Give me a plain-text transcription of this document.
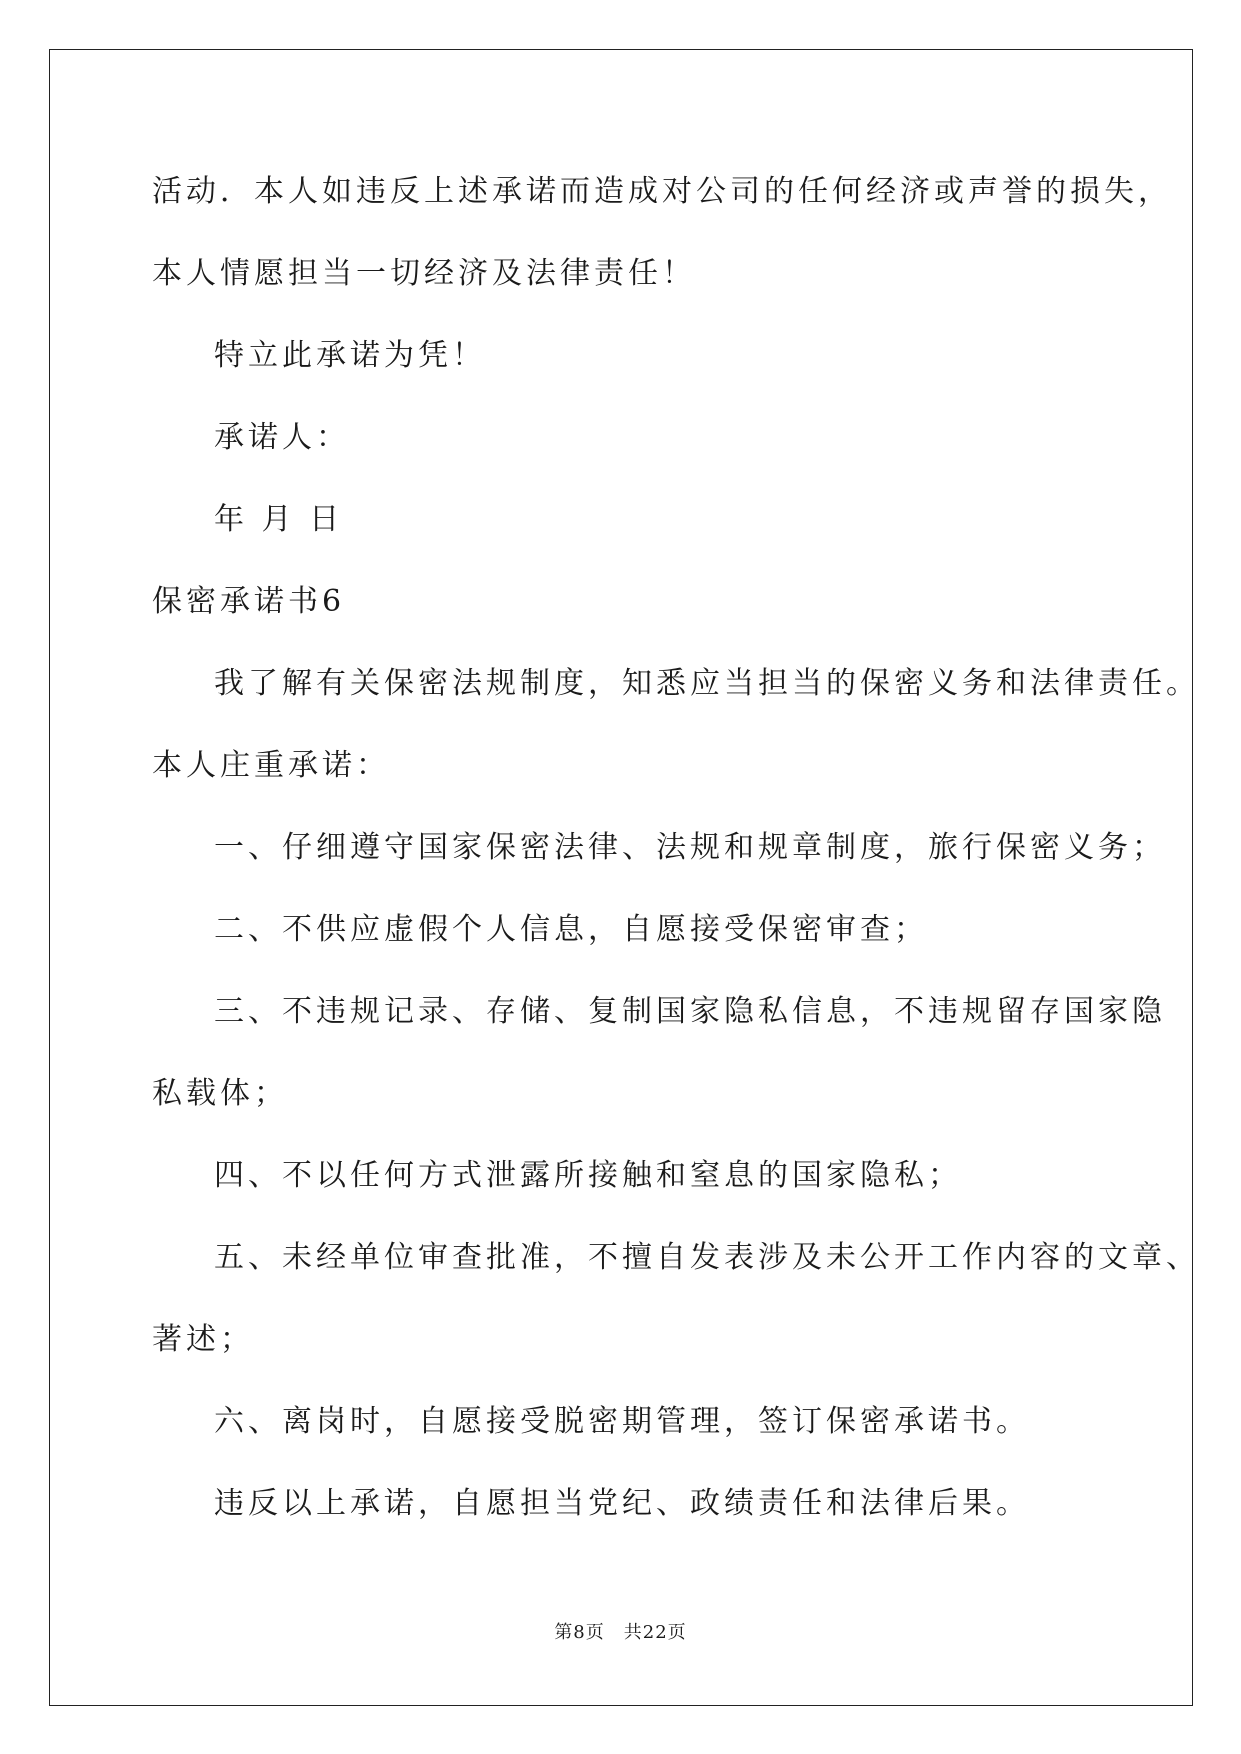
活动．本人如违反上述承诺而造成对公司的任何经济或声誉的损失，
本人情愿担当一切经济及法律责任！
特立此承诺为凭！
承诺人：
年 月 日
保密承诺书6
我了解有关保密法规制度，知悉应当担当的保密义务和法律责任。
本人庄重承诺：
一、仔细遵守国家保密法律、法规和规章制度，旅行保密义务；
二、不供应虚假个人信息，自愿接受保密审查；
三、不违规记录、存储、复制国家隐私信息，不违规留存国家隐
私载体；
四、不以任何方式泄露所接触和窒息的国家隐私；
五、未经单位审查批准，不擅自发表涉及未公开工作内容的文章、
著述；
六、离岗时，自愿接受脱密期管理，签订保密承诺书。
违反以上承诺，自愿担当党纪、政绩责任和法律后果。
第8页　共22页
